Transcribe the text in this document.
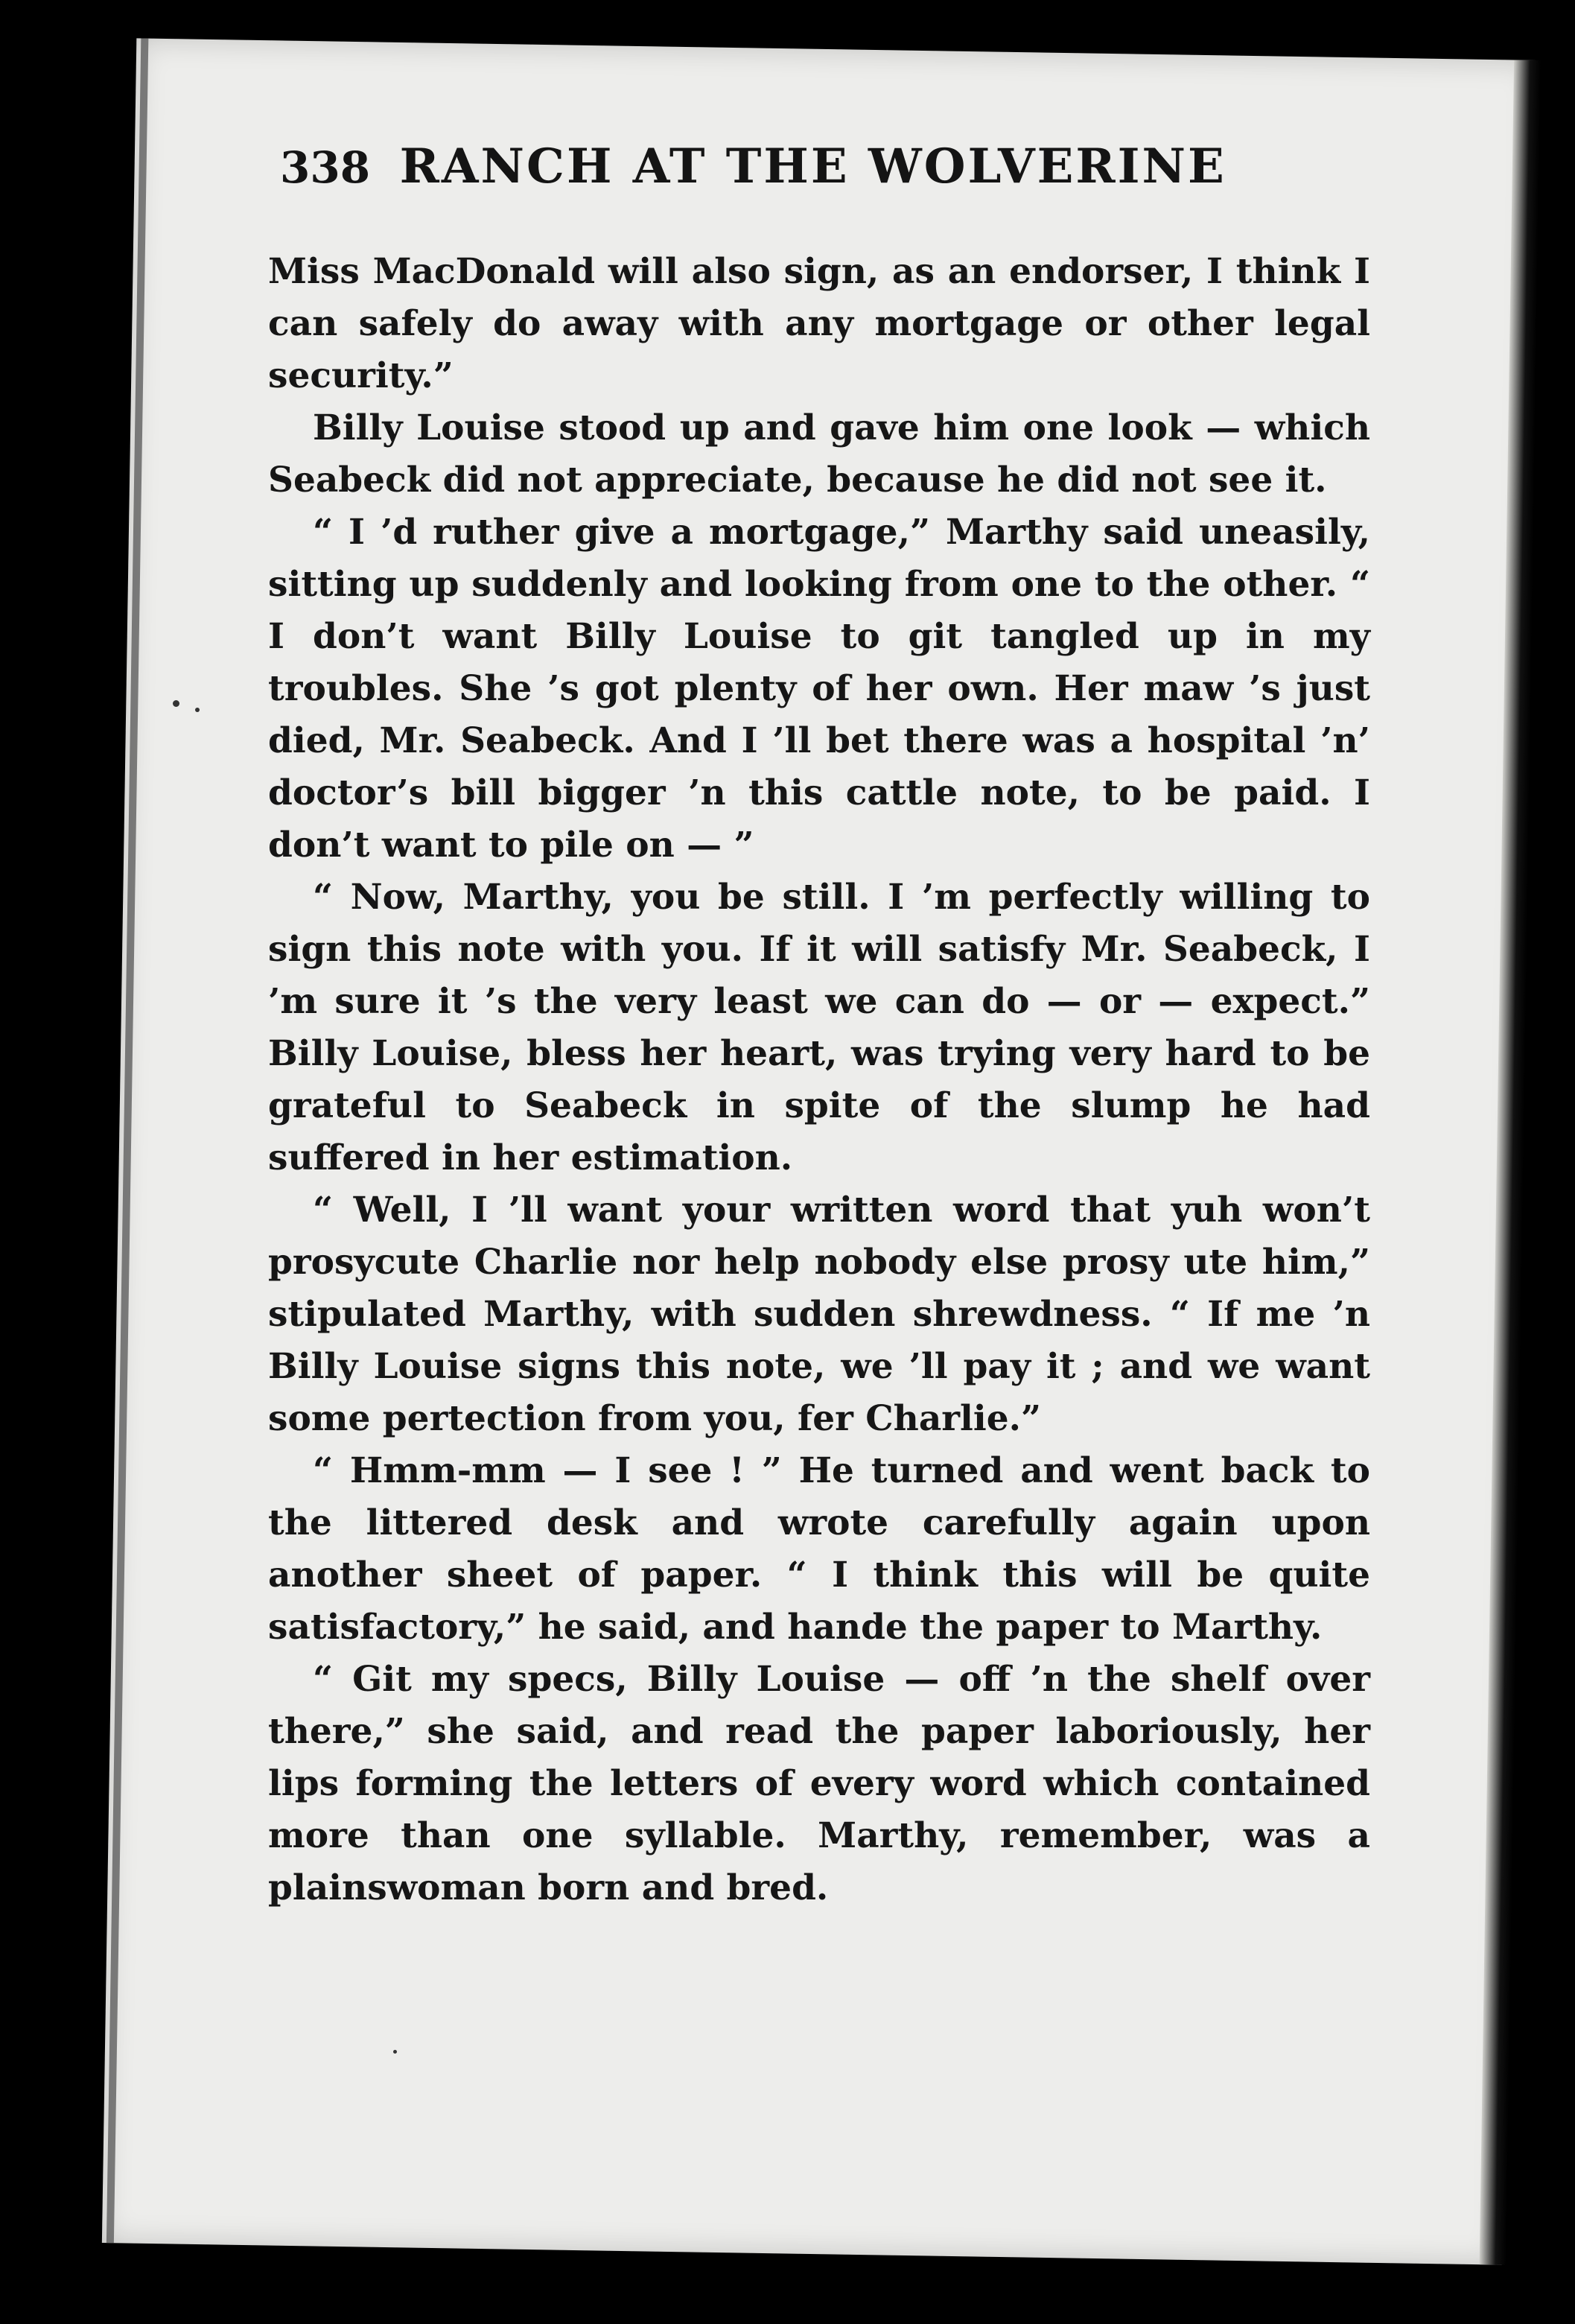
338 RANCH AT THE WOLVERINE

Miss MacDonald will also sign, as an endorser, I think I can safely do away with any mortgage or other legal security.”

Billy Louise stood up and gave him one look — which Seabeck did not appreciate, because he did not see it.

“ I ’d ruther give a mortgage,” Marthy said uneasily, sitting up suddenly and looking from one to the other. “ I don’t want Billy Louise to git tangled up in my troubles. She ’s got plenty of her own. Her maw ’s just died, Mr. Seabeck. And I ’ll bet there was a hospital ’n’ doctor’s bill bigger ’n this cattle note, to be paid. I don’t want to pile on — ”

“ Now, Marthy, you be still. I ’m perfectly willing to sign this note with you. If it will satisfy Mr. Seabeck, I ’m sure it ’s the very least we can do — or — expect.” Billy Louise, bless her heart, was trying very hard to be grateful to Seabeck in spite of the slump he had suffered in her estimation.

“ Well, I ’ll want your written word that yuh won’t prosycute Charlie nor help nobody else prosy ute him,” stipulated Marthy, with sudden shrewdness. “ If me ’n Billy Louise signs this note, we ’ll pay it ; and we want some pertection from you, fer Charlie.”

“ Hmm-mm — I see ! ” He turned and went back to the littered desk and wrote carefully again upon another sheet of paper. “ I think this will be quite satisfactory,” he said, and hande the paper to Marthy.

“ Git my specs, Billy Louise — off ’n the shelf over there,” she said, and read the paper laboriously, her lips forming the letters of every word which contained more than one syllable. Marthy, remember, was a plainswoman born and bred.
